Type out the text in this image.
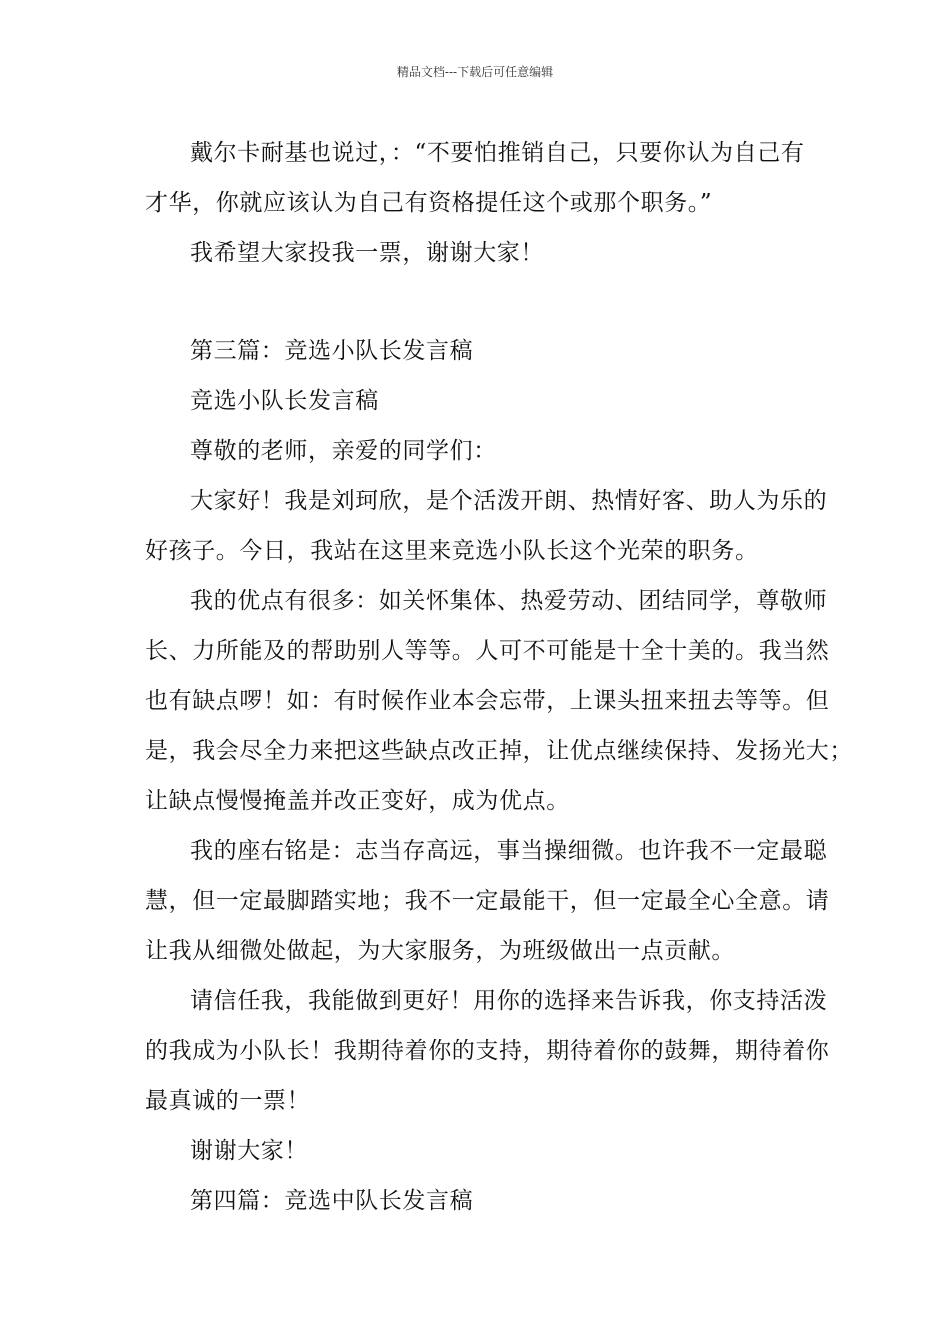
精品文档---下载后可任意编辑
戴尔卡耐基也说过，：“不要怕推销自己，只要你认为自己有
才华，你就应该认为自己有资格提任这个或那个职务。”
我希望大家投我一票，谢谢大家！
第三篇：竞选小队长发言稿
竞选小队长发言稿
尊敬的老师，亲爱的同学们：
大家好！我是刘珂欣，是个活泼开朗、热情好客、助人为乐的
好孩子。今日，我站在这里来竞选小队长这个光荣的职务。
我的优点有很多：如关怀集体、热爱劳动、团结同学，尊敬师
长、力所能及的帮助别人等等。人可不可能是十全十美的。我当然
也有缺点啰！如：有时候作业本会忘带，上课头扭来扭去等等。但
是，我会尽全力来把这些缺点改正掉，让优点继续保持、发扬光大；
让缺点慢慢掩盖并改正变好，成为优点。
我的座右铭是：志当存高远，事当操细微。也许我不一定最聪
慧，但一定最脚踏实地；我不一定最能干，但一定最全心全意。请
让我从细微处做起，为大家服务，为班级做出一点贡献。
请信任我，我能做到更好！用你的选择来告诉我，你支持活泼
的我成为小队长！我期待着你的支持，期待着你的鼓舞，期待着你
最真诚的一票！
谢谢大家！
第四篇：竞选中队长发言稿
